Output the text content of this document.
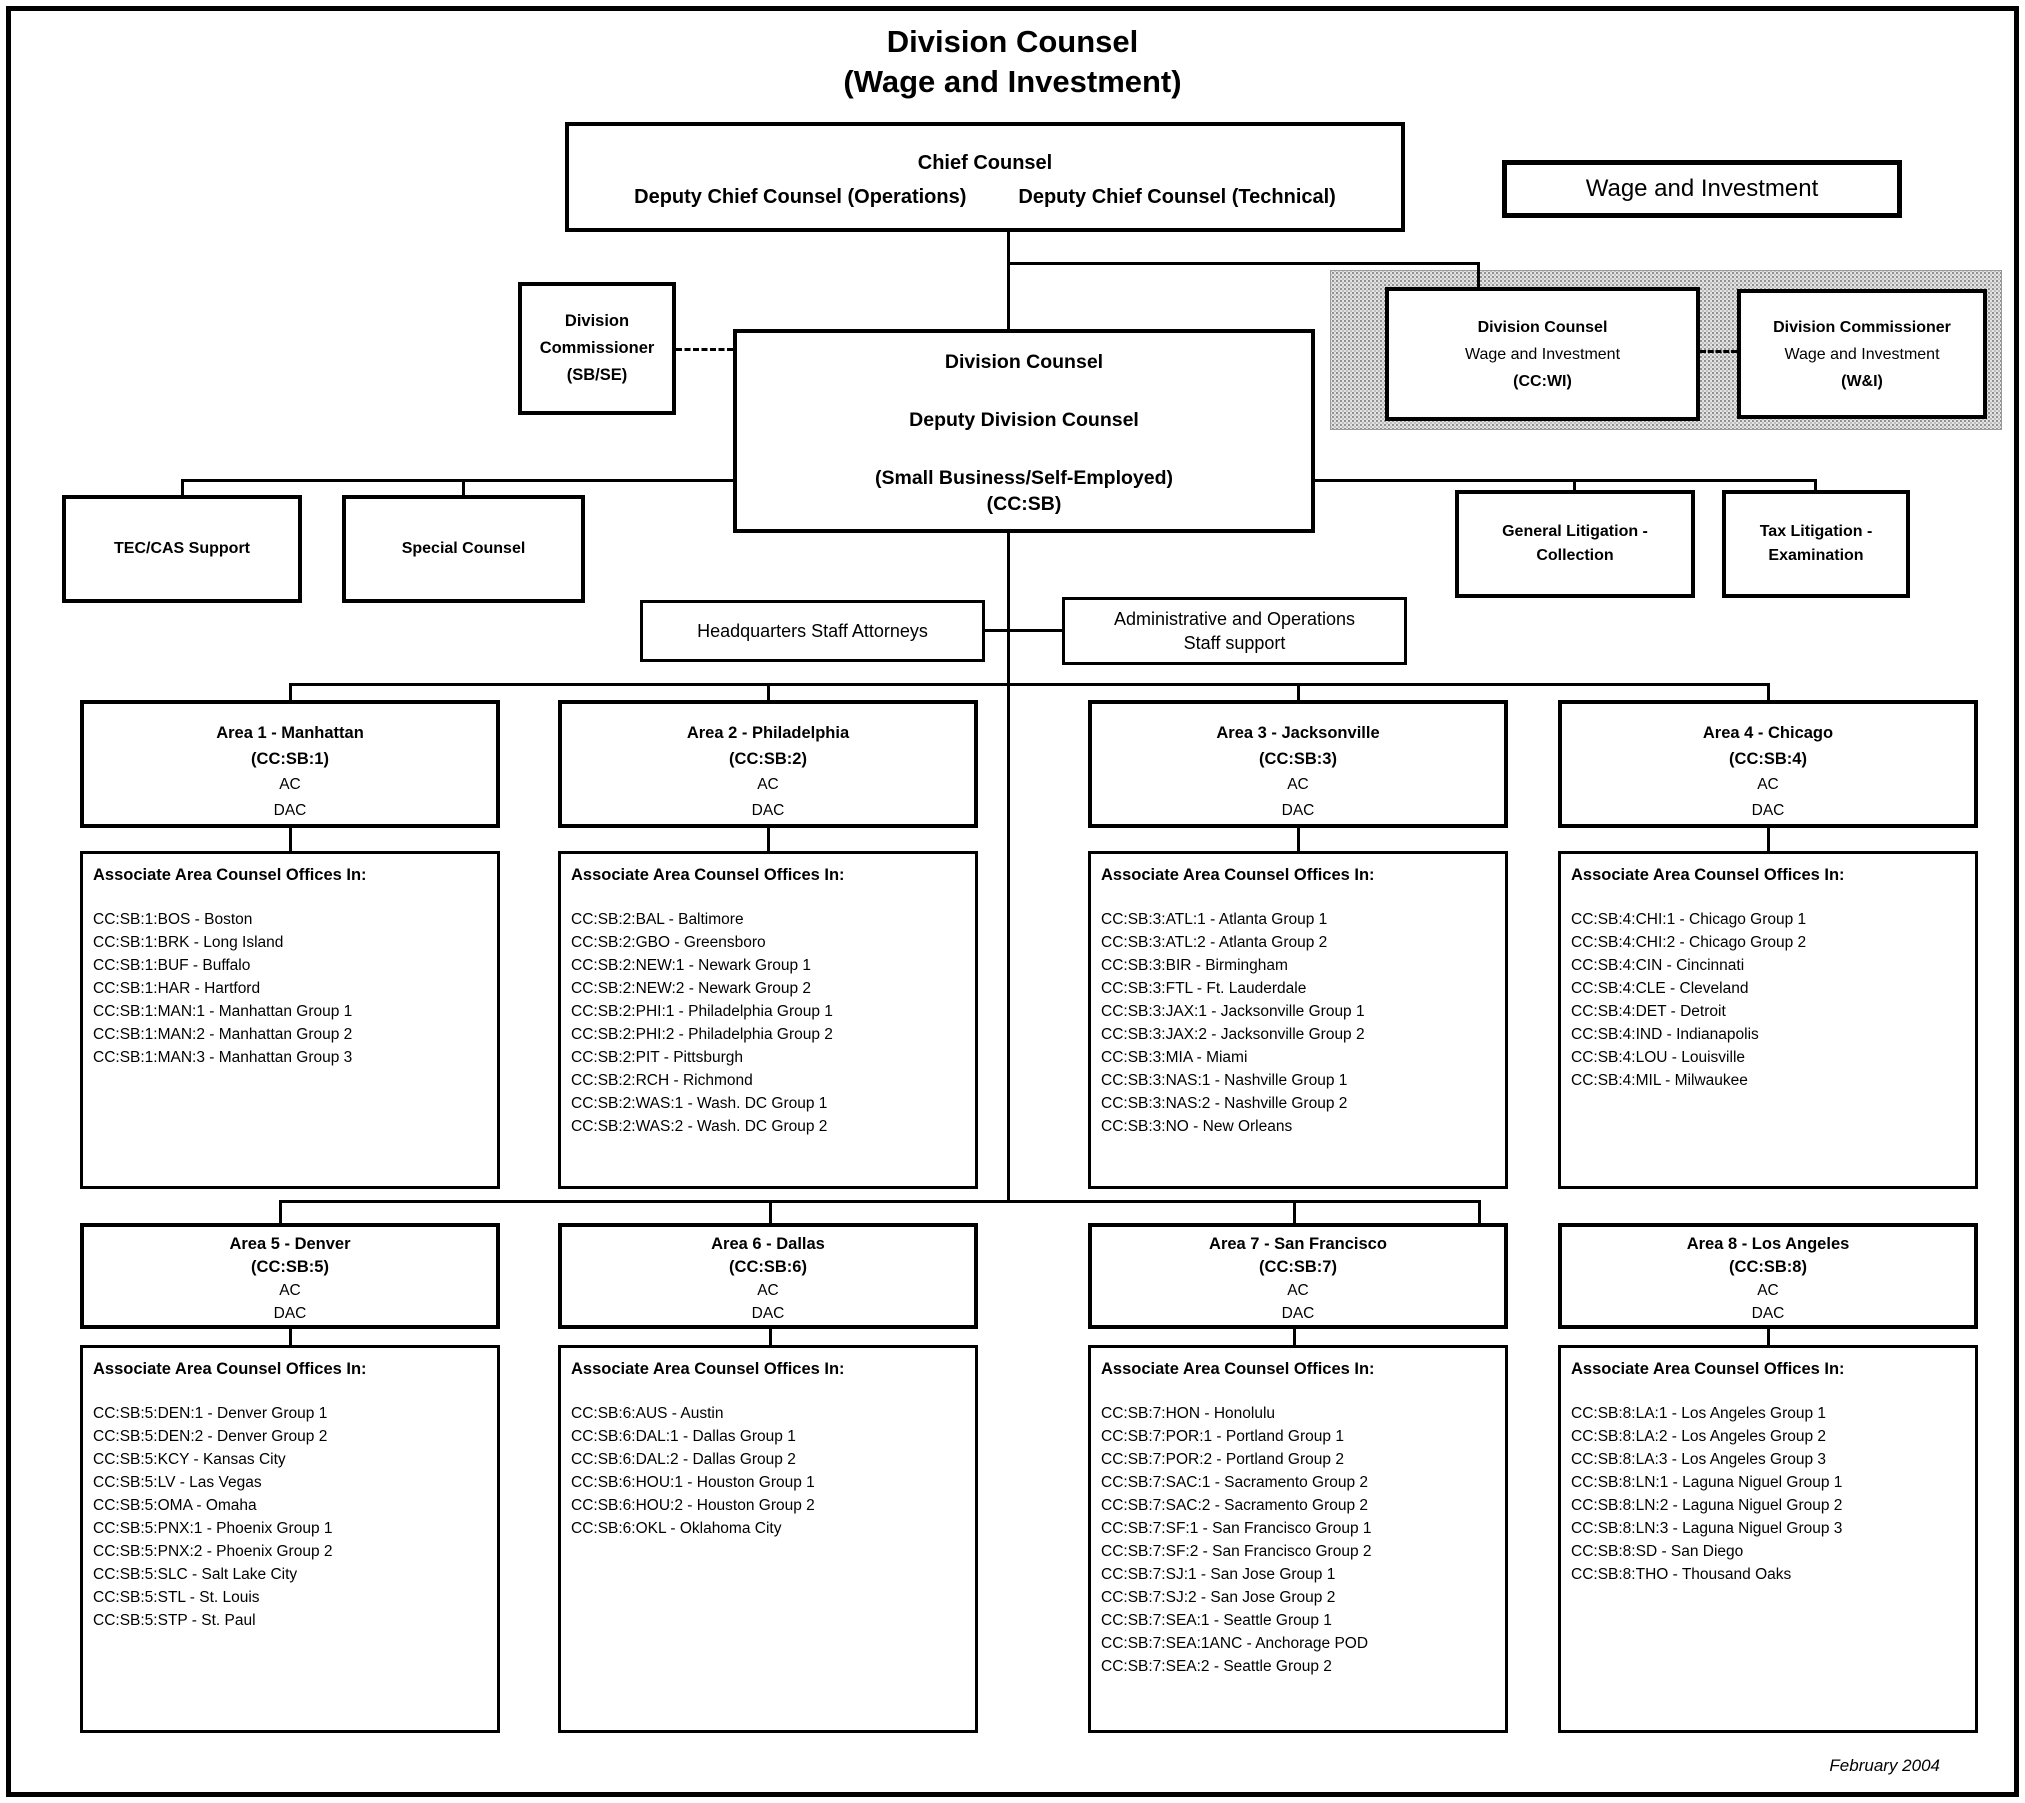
Division Counsel
(Wage and Investment)
Chief Counsel
Deputy Chief Counsel (Operations)	Deputy Chief Counsel (Technical)	Wage and Investment
Division
Commissioner
(SB/SE)
Division Counsel
Deputy Division Counsel
(Small Business/Self-Employed)
(CC:SB)
Division Counsel
Wage and Investment
(CC:WI)
Division Commissioner
Wage and Investment
(W&I)
TEC/CAS Support	Special Counsel
General Litigation -
Collection
Tax Litigation -
Examination
Headquarters Staff Attorneys
Administrative and Operations
Staff support
Area 1 - Manhattan
(CC:SB:1)
AC
DAC
Area 2 - Philadelphia
(CC:SB:2)
AC
DAC
Area 3 - Jacksonville
(CC:SB:3)
AC
DAC
Area 4 - Chicago
(CC:SB:4)
AC
DAC
Associate Area Counsel Offices In:
CC:SB:1:BOS - Boston
CC:SB:1:BRK - Long Island
CC:SB:1:BUF - Buffalo
CC:SB:1:HAR - Hartford
CC:SB:1:MAN:1 - Manhattan Group 1
CC:SB:1:MAN:2 - Manhattan Group 2
CC:SB:1:MAN:3 - Manhattan Group 3
Associate Area Counsel Offices In:
CC:SB:2:BAL - Baltimore
CC:SB:2:GBO - Greensboro
CC:SB:2:NEW:1 - Newark Group 1
CC:SB:2:NEW:2 - Newark Group 2
CC:SB:2:PHI:1 - Philadelphia Group 1
CC:SB:2:PHI:2 - Philadelphia Group 2
CC:SB:2:PIT - Pittsburgh
CC:SB:2:RCH - Richmond
CC:SB:2:WAS:1 - Wash. DC Group 1
CC:SB:2:WAS:2 - Wash. DC Group 2
Associate Area Counsel Offices In:
CC:SB:3:ATL:1 - Atlanta Group 1
CC:SB:3:ATL:2 - Atlanta Group 2
CC:SB:3:BIR - Birmingham
CC:SB:3:FTL - Ft. Lauderdale
CC:SB:3:JAX:1 - Jacksonville Group 1
CC:SB:3:JAX:2 - Jacksonville Group 2
CC:SB:3:MIA - Miami
CC:SB:3:NAS:1 - Nashville Group 1
CC:SB:3:NAS:2 - Nashville Group 2
CC:SB:3:NO - New Orleans
Associate Area Counsel Offices In:
CC:SB:4:CHI:1 - Chicago Group 1
CC:SB:4:CHI:2 - Chicago Group 2
CC:SB:4:CIN - Cincinnati
CC:SB:4:CLE - Cleveland
CC:SB:4:DET - Detroit
CC:SB:4:IND - Indianapolis
CC:SB:4:LOU - Louisville
CC:SB:4:MIL - Milwaukee
Area 5 - Denver
(CC:SB:5)
AC
DAC
Area 6 - Dallas
(CC:SB:6)
AC
DAC
Area 7 - San Francisco
(CC:SB:7)
AC
DAC
Area 8 - Los Angeles
(CC:SB:8)
AC
DAC
Associate Area Counsel Offices In:
CC:SB:5:DEN:1 - Denver Group 1
CC:SB:5:DEN:2 - Denver Group 2
CC:SB:5:KCY - Kansas City
CC:SB:5:LV - Las Vegas
CC:SB:5:OMA - Omaha
CC:SB:5:PNX:1 - Phoenix Group 1
CC:SB:5:PNX:2 - Phoenix Group 2
CC:SB:5:SLC - Salt Lake City
CC:SB:5:STL - St. Louis
CC:SB:5:STP - St. Paul
Associate Area Counsel Offices In:
CC:SB:6:AUS - Austin
CC:SB:6:DAL:1 - Dallas Group 1
CC:SB:6:DAL:2 - Dallas Group 2
CC:SB:6:HOU:1 - Houston Group 1
CC:SB:6:HOU:2 - Houston Group 2
CC:SB:6:OKL - Oklahoma City
Associate Area Counsel Offices In:
CC:SB:7:HON - Honolulu
CC:SB:7:POR:1 - Portland Group 1
CC:SB:7:POR:2 - Portland Group 2
CC:SB:7:SAC:1 - Sacramento Group 2
CC:SB:7:SAC:2 - Sacramento Group 2
CC:SB:7:SF:1 - San Francisco Group 1
CC:SB:7:SF:2 - San Francisco Group 2
CC:SB:7:SJ:1 - San Jose Group 1
CC:SB:7:SJ:2 - San Jose Group 2
CC:SB:7:SEA:1 - Seattle Group 1
CC:SB:7:SEA:1ANC - Anchorage POD
CC:SB:7:SEA:2 - Seattle Group 2
Associate Area Counsel Offices In:
CC:SB:8:LA:1 - Los Angeles Group 1
CC:SB:8:LA:2 - Los Angeles Group 2
CC:SB:8:LA:3 - Los Angeles Group 3
CC:SB:8:LN:1 - Laguna Niguel Group 1
CC:SB:8:LN:2 - Laguna Niguel Group 2
CC:SB:8:LN:3 - Laguna Niguel Group 3
CC:SB:8:SD - San Diego
CC:SB:8:THO - Thousand Oaks
February 2004
